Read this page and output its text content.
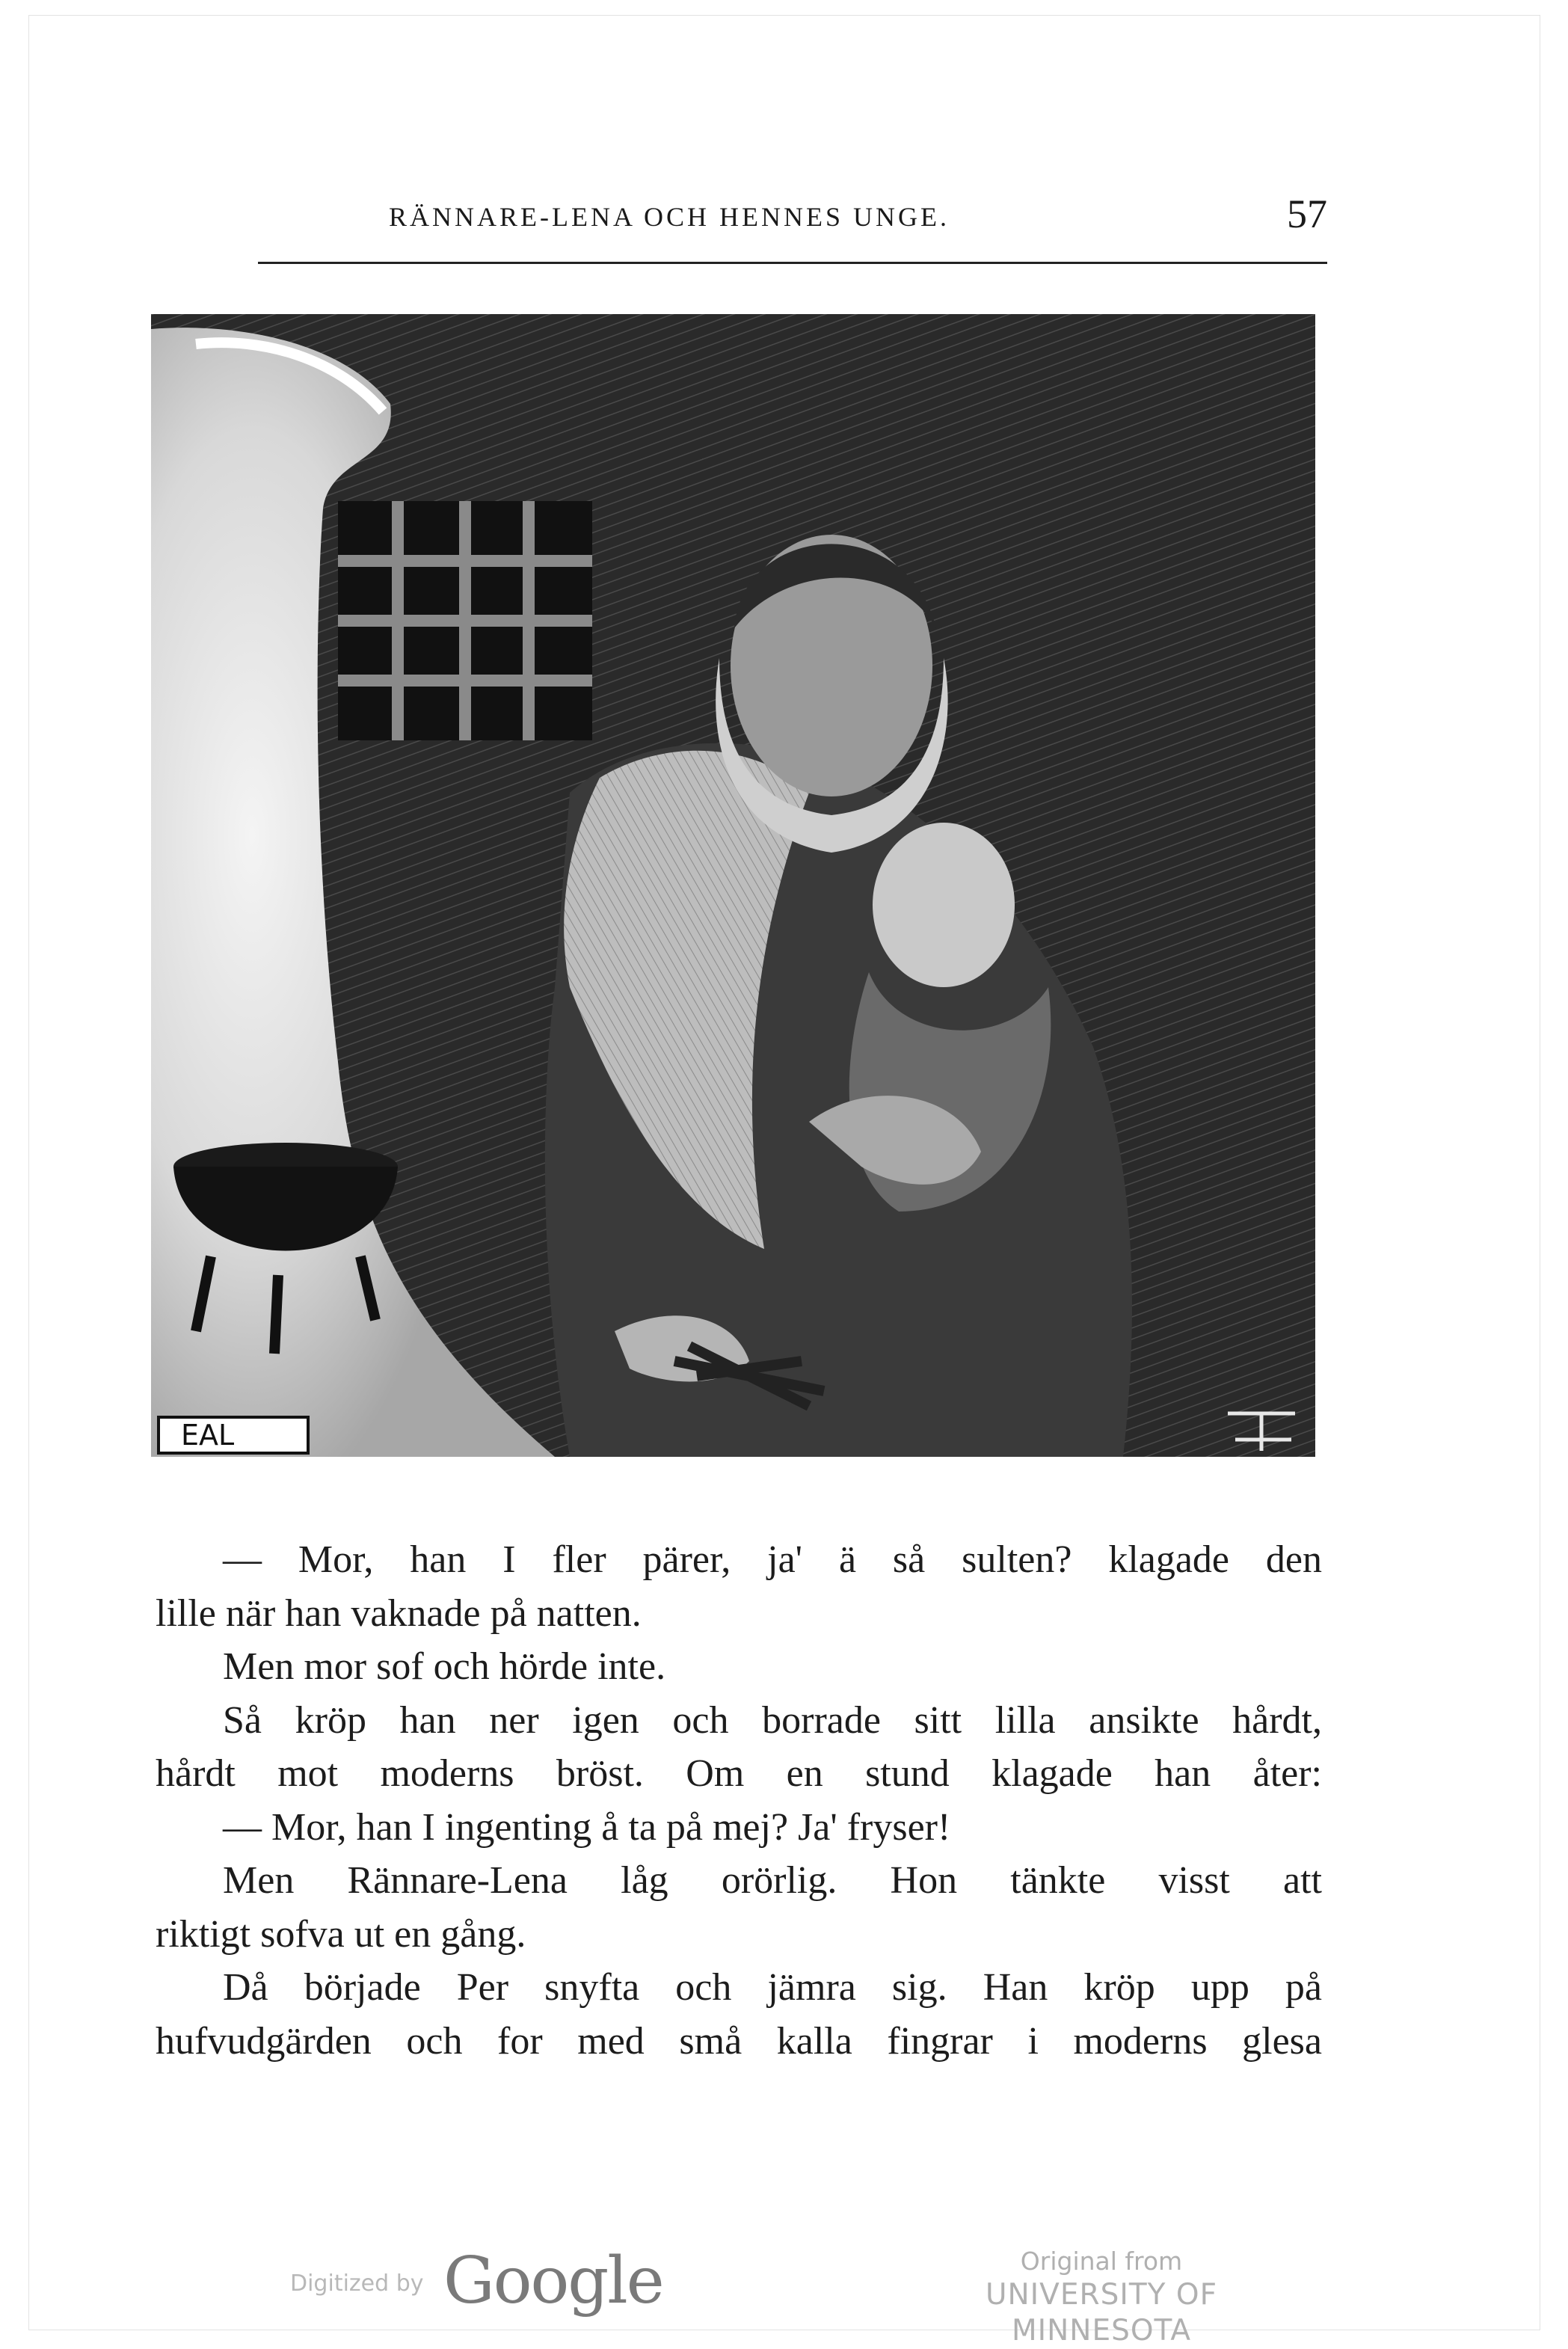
RÄNNARE-LENA OCH HENNES UNGE.	57
EAL
— Mor, han I fler pärer, ja' ä så sulten? klagade den
lille när han vaknade på natten.
Men mor sof och hörde inte.
Så kröp han ner igen och borrade sitt lilla ansikte hårdt,
hårdt mot moderns bröst. Om en stund klagade han åter:
— Mor, han I ingenting å ta på mej? Ja' fryser!
Men Rännare-Lena låg orörlig. Hon tänkte visst att
riktigt sofva ut en gång.
Då började Per snyfta och jämra sig. Han kröp upp på
hufvudgärden och for med små kalla fingrar i moderns glesa
Digitized by Google	Original from
UNIVERSITY OF MINNESOTA
